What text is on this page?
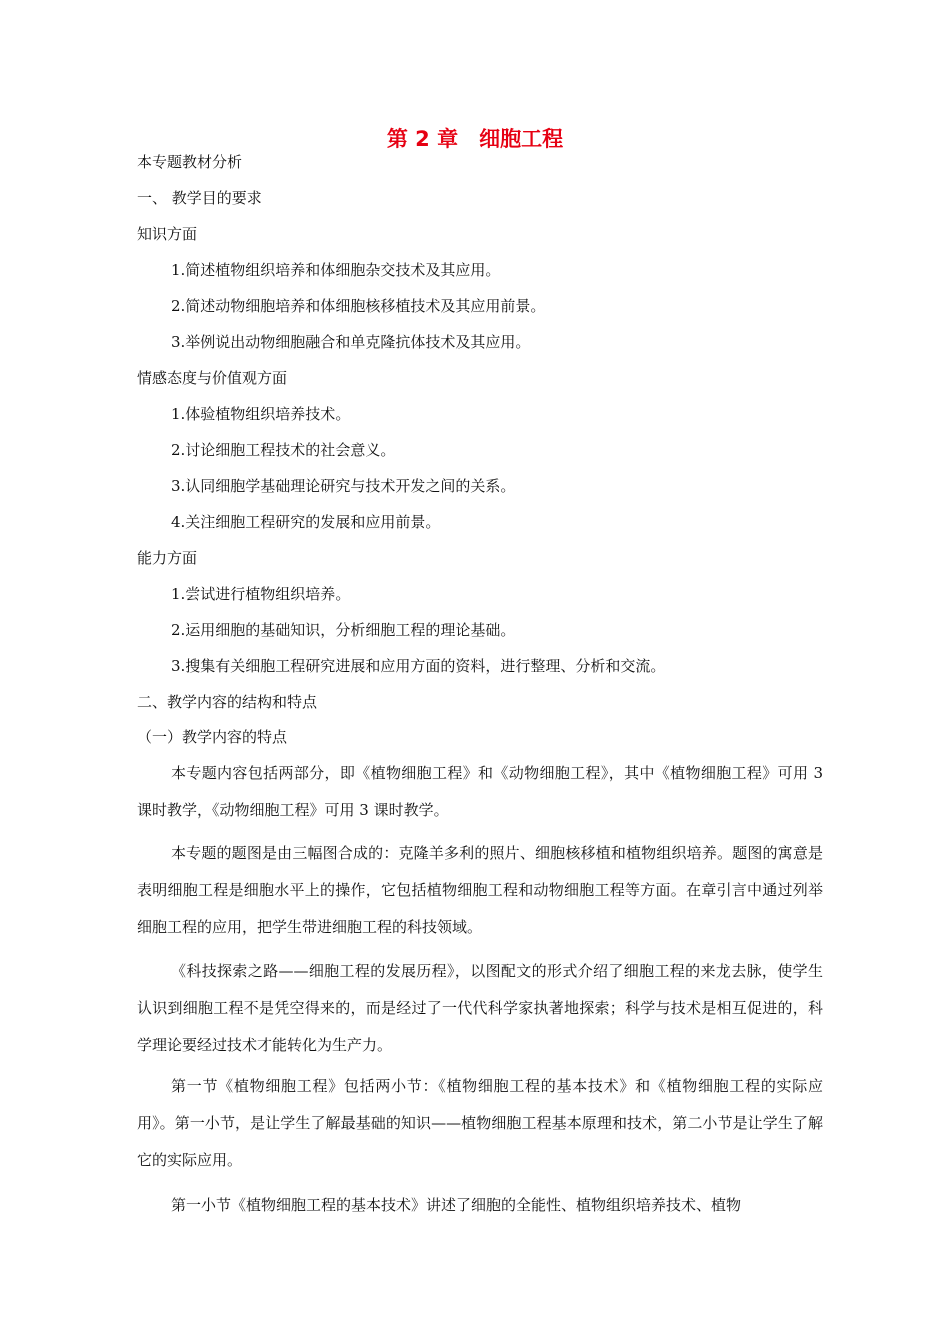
第 2 章　细胞工程
本专题教材分析
一、 教学目的要求
知识方面
1.简述植物组织培养和体细胞杂交技术及其应用。
2.简述动物细胞培养和体细胞核移植技术及其应用前景。
3.举例说出动物细胞融合和单克隆抗体技术及其应用。
情感态度与价值观方面
1.体验植物组织培养技术。
2.讨论细胞工程技术的社会意义。
3.认同细胞学基础理论研究与技术开发之间的关系。
4.关注细胞工程研究的发展和应用前景。
能力方面
1.尝试进行植物组织培养。
2.运用细胞的基础知识，分析细胞工程的理论基础。
3.搜集有关细胞工程研究进展和应用方面的资料，进行整理、分析和交流。
二、教学内容的结构和特点
（一）教学内容的特点
本专题内容包括两部分，即《植物细胞工程》和《动物细胞工程》，其中《植物细胞工程》可用 3 课时教学，《动物细胞工程》可用 3 课时教学。
本专题的题图是由三幅图合成的：克隆羊多利的照片、细胞核移植和植物组织培养。题图的寓意是表明细胞工程是细胞水平上的操作，它包括植物细胞工程和动物细胞工程等方面。在章引言中通过列举细胞工程的应用，把学生带进细胞工程的科技领域。
《科技探索之路——细胞工程的发展历程》，以图配文的形式介绍了细胞工程的来龙去脉，使学生认识到细胞工程不是凭空得来的，而是经过了一代代科学家执著地探索；科学与技术是相互促进的，科学理论要经过技术才能转化为生产力。
第一节《植物细胞工程》包括两小节：《植物细胞工程的基本技术》和《植物细胞工程的实际应用》。第一小节，是让学生了解最基础的知识——植物细胞工程基本原理和技术，第二小节是让学生了解它的实际应用。
第一小节《植物细胞工程的基本技术》讲述了细胞的全能性、植物组织培养技术、植物
